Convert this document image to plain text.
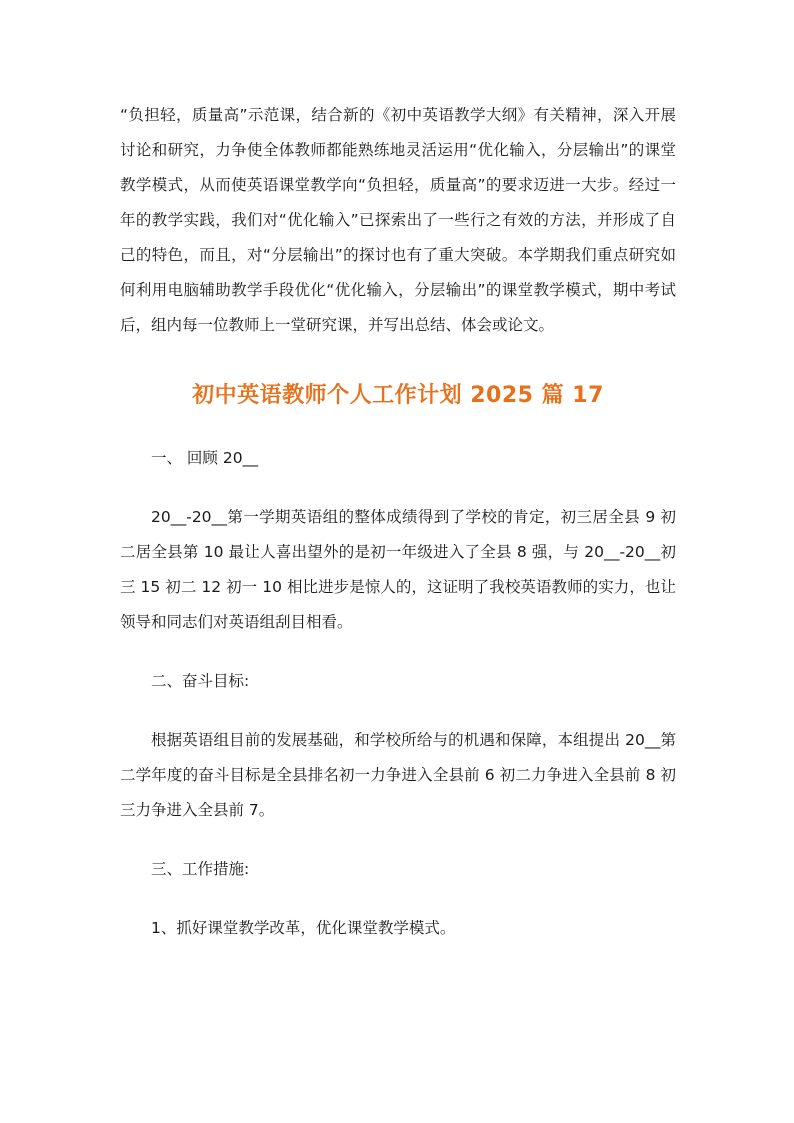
“负担轻，质量高”示范课，结合新的《初中英语教学大纲》有关精神，深入开展讨论和研究，力争使全体教师都能熟练地灵活运用“优化输入，分层输出”的课堂教学模式，从而使英语课堂教学向“负担轻，质量高”的要求迈进一大步。经过一年的教学实践，我们对“优化输入”已探索出了一些行之有效的方法，并形成了自己的特色，而且，对“分层输出”的探讨也有了重大突破。本学期我们重点研究如何利用电脑辅助教学手段优化“优化输入，分层输出”的课堂教学模式，期中考试后，组内每一位教师上一堂研究课，并写出总结、体会或论文。

初中英语教师个人工作计划 2025 篇 17

一、 回顾 20__

20__-20__第一学期英语组的整体成绩得到了学校的肯定，初三居全县 9 初二居全县第 10 最让人喜出望外的是初一年级进入了全县 8 强，与 20__-20__初三 15 初二 12 初一 10 相比进步是惊人的，这证明了我校英语教师的实力，也让领导和同志们对英语组刮目相看。

二、奋斗目标:

根据英语组目前的发展基础，和学校所给与的机遇和保障，本组提出 20__第二学年度的奋斗目标是全县排名初一力争进入全县前 6 初二力争进入全县前 8 初三力争进入全县前 7。

三、工作措施:

1、抓好课堂教学改革，优化课堂教学模式。
